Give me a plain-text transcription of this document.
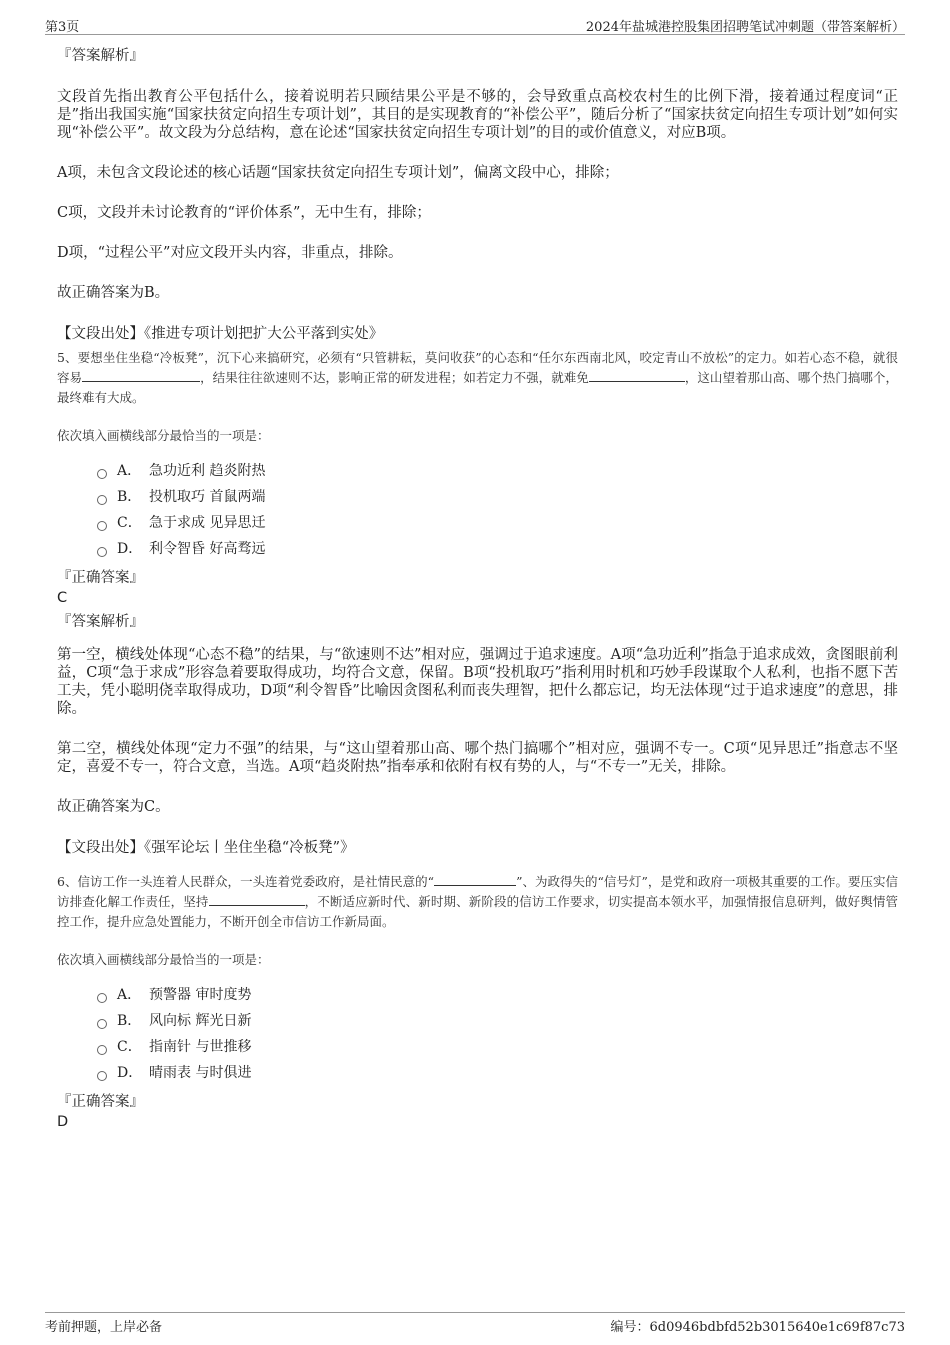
第3页	2024年盐城港控股集团招聘笔试冲刺题（带答案解析）
『答案解析』
文段首先指出教育公平包括什么，接着说明若只顾结果公平是不够的，会导致重点高校农村生的比例下滑，接着通过程度词“正是”指出我国实施“国家扶贫定向招生专项计划”，其目的是实现教育的“补偿公平”，随后分析了“国家扶贫定向招生专项计划”如何实现“补偿公平”。故文段为分总结构，意在论述“国家扶贫定向招生专项计划”的目的或价值意义，对应B项。
A项，未包含文段论述的核心话题“国家扶贫定向招生专项计划”，偏离文段中心，排除；
C项，文段并未讨论教育的“评价体系”，无中生有，排除；
D项，“过程公平”对应文段开头内容，非重点，排除。
故正确答案为B。
【文段出处】《推进专项计划把扩大公平落到实处》
5、要想坐住坐稳“冷板凳”，沉下心来搞研究，必须有“只管耕耘，莫问收获”的心态和“任尔东西南北风，咬定青山不放松”的定力。如若心态不稳，就很容易	，结果往往欲速则不达，影响正常的研发进程；如若定力不强，就难免	，这山望着那山高、哪个热门搞哪个，最终难有大成。
依次填入画横线部分最恰当的一项是：
A． 急功近利 趋炎附热
B． 投机取巧 首鼠两端
C． 急于求成 见异思迁
D． 利令智昏 好高骛远
『正确答案』
C
『答案解析』
第一空，横线处体现“心态不稳”的结果，与“欲速则不达”相对应，强调过于追求速度。A项“急功近利”指急于追求成效，贪图眼前利益，C项“急于求成”形容急着要取得成功，均符合文意，保留。B项“投机取巧”指利用时机和巧妙手段谋取个人私利，也指不愿下苦工夫，凭小聪明侥幸取得成功，D项“利令智昏”比喻因贪图私利而丧失理智，把什么都忘记，均无法体现“过于追求速度”的意思，排除。
第二空，横线处体现“定力不强”的结果，与“这山望着那山高、哪个热门搞哪个”相对应，强调不专一。C项“见异思迁”指意志不坚定，喜爱不专一，符合文意，当选。A项“趋炎附热”指奉承和依附有权有势的人，与“不专一”无关，排除。
故正确答案为C。
【文段出处】《强军论坛丨坐住坐稳“冷板凳”》
6、信访工作一头连着人民群众，一头连着党委政府，是社情民意的“	”、为政得失的“信号灯”，是党和政府一项极其重要的工作。要压实信访排查化解工作责任，坚持	，不断适应新时代、新时期、新阶段的信访工作要求，切实提高本领水平，加强情报信息研判，做好舆情管控工作，提升应急处置能力，不断开创全市信访工作新局面。
依次填入画横线部分最恰当的一项是：
A． 预警器 审时度势
B． 风向标 辉光日新
C． 指南针 与世推移
D． 晴雨表 与时俱进
『正确答案』
D
考前押题，上岸必备	编号：6d0946bdbfd52b3015640e1c69f87c73
